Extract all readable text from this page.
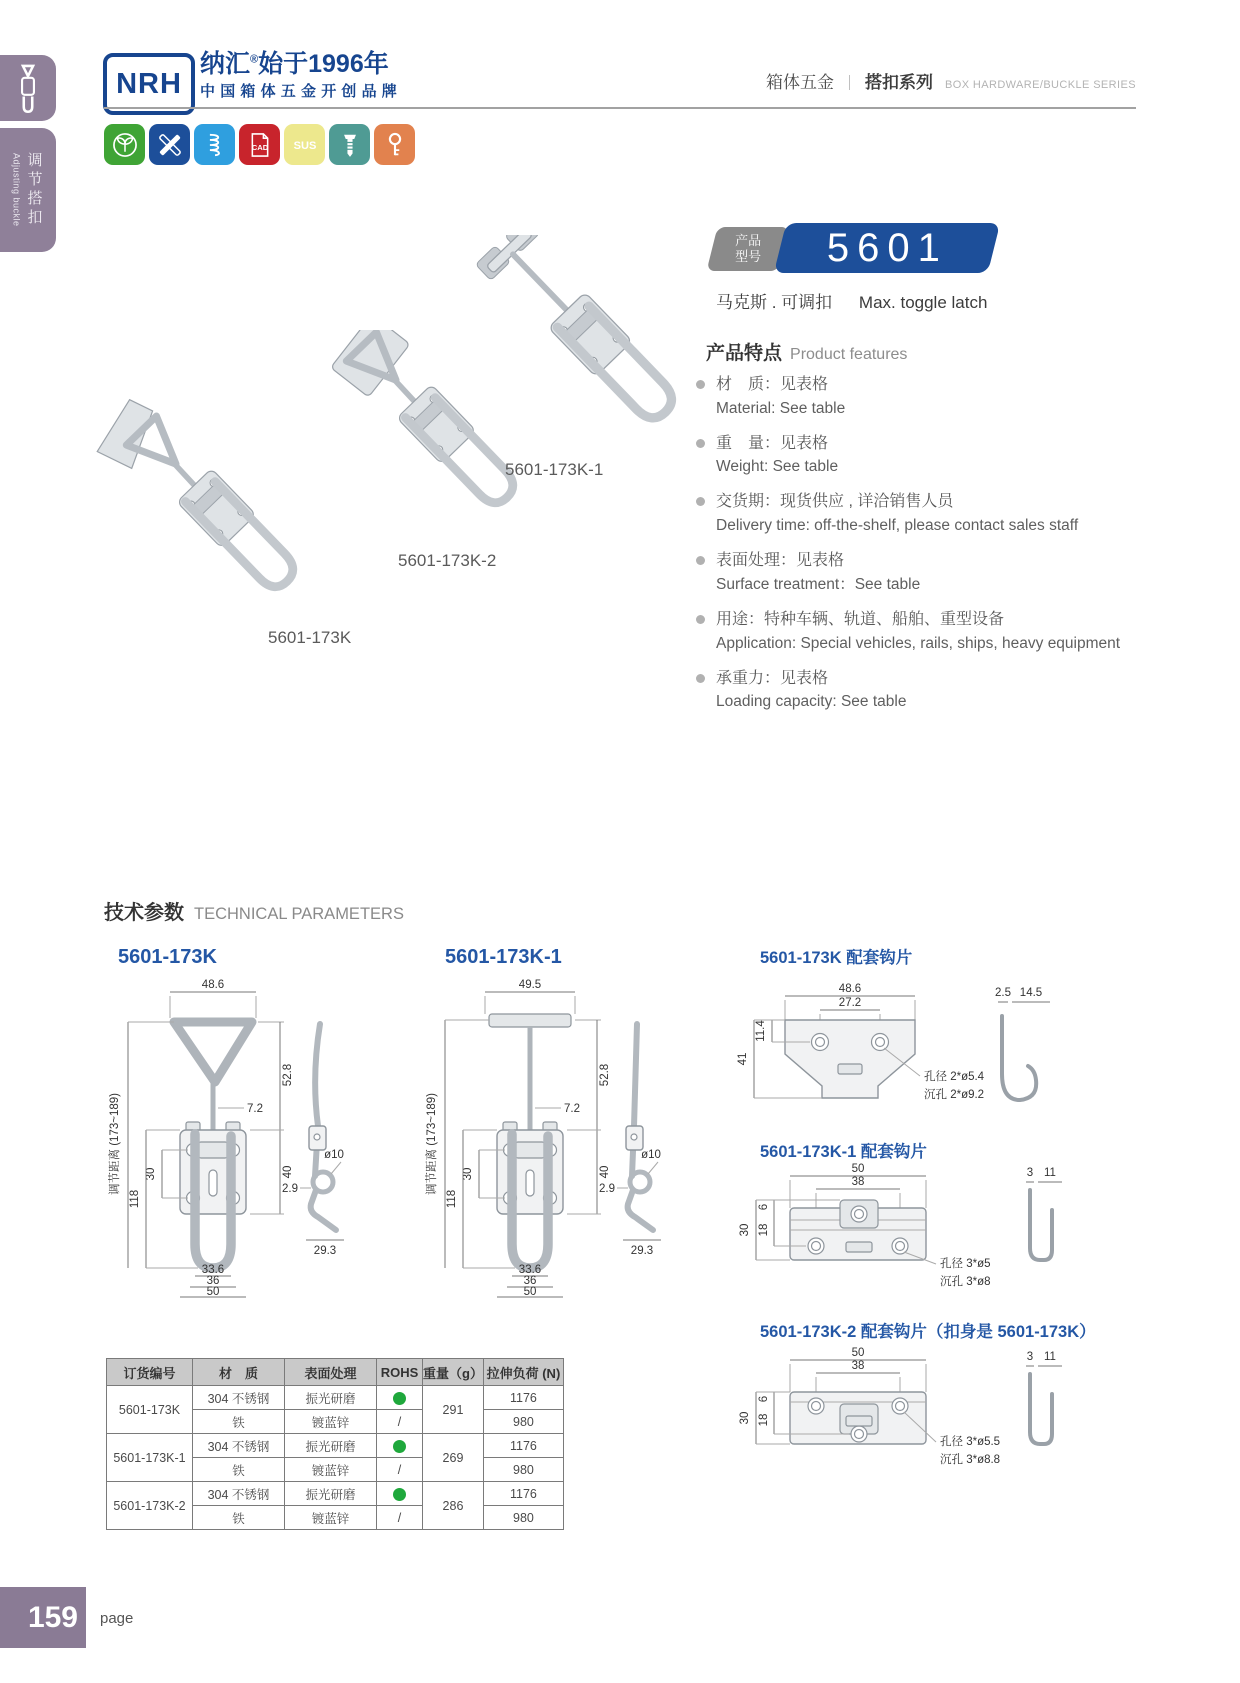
Adjusting buckle 调节搭扣
NRH
纳汇®始于1996年
中国箱体五金开创品牌	箱体五金 ｜ 搭扣系列 BOX HARDWARE/BUCKLE SERIES
CAD SUS
5601-173K-1
5601-173K-2
5601-173K
产品
型号 5601
马克斯 . 可调扣 Max. toggle latch
产品特点 Product features
材　质：见表格
Material: See table
重　量：见表格
Weight: See table
交货期：现货供应 , 详洽销售人员
Delivery time: off-the-shelf, please contact sales staff
表面处理：见表格
Surface treatment：See table
用途：特种车辆、轨道、船舶、重型设备
Application: Special vehicles, rails, ships, heavy equipment
承重力：见表格
Loading capacity: See table
技术参数 TECHNICAL PARAMETERS
5601-173K	5601-173K-1	5601-173K 配套钩片
5601-173K-1 配套钩片
5601-173K-2 配套钩片（扣身是 5601-173K）
48.6
7.2
52.8
40
30
118
调节距离 (173~189)
33.6
36
50
ø10
2.9
29.3
49.5
7.2
52.8
40
30
118
调节距离 (173~189)
33.6
36
50
ø10
2.9
29.3
48.6
27.2
11.4
41
孔径 2*ø5.4
沉孔 2*ø9.2
2.5 14.5
50
38
6
18
30
孔径 3*ø5
沉孔 3*ø8
3 11
50
38
6
18
30
孔径 3*ø5.5
沉孔 3*ø8.8
3 11
订货编号	材　质	表面处理	ROHS	重量（g）	拉伸负荷 (N)
5601-173K	304 不锈钢	振光研磨		291	1176
	铁	镀蓝锌	/		980
5601-173K-1	304 不锈钢	振光研磨		269	1176
	铁	镀蓝锌	/		980
5601-173K-2	304 不锈钢	振光研磨		286	1176
	铁	镀蓝锌	/		980
159	page
